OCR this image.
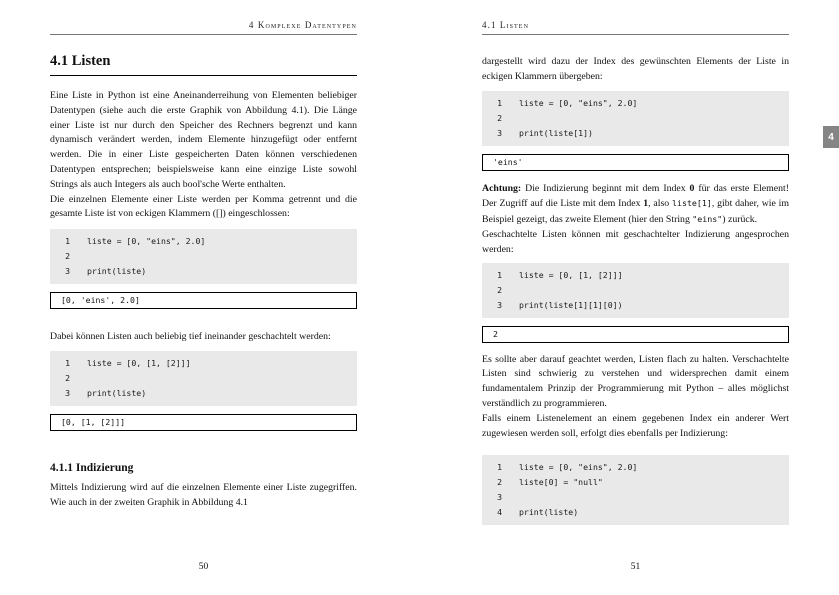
4 Komplexe Datentypen
4.1 Listen

Eine Liste in Python ist eine Aneinanderreihung von Elementen beliebiger Datentypen (siehe auch die erste Graphik von Abbildung 4.1). Die Länge einer Liste ist nur durch den Speicher des Rechners begrenzt und kann dynamisch verändert werden, indem Elemente hinzugefügt oder entfernt werden. Die in einer Liste gespeicherten Daten können verschiedenen Datentypen entsprechen; beispielsweise kann eine einzige Liste sowohl Strings als auch Integers als auch bool'sche Werte enthalten.

Die einzelnen Elemente einer Liste werden per Komma getrennt und die gesamte Liste ist von eckigen Klammern ([]) eingeschlossen:

1 liste = [0, "eins", 2.0]
2
3 print(liste)
[0, 'eins', 2.0]

Dabei können Listen auch beliebig tief ineinander geschachtelt werden:

1 liste = [0, [1, [2]]]
2
3 print(liste)
[0, [1, [2]]]
4.1.1 Indizierung

Mittels Indizierung wird auf die einzelnen Elemente einer Liste zugegriffen. Wie auch in der zweiten Graphik in Abbildung 4.1

50
4.1 Listen

dargestellt wird dazu der Index des gewünschten Elements der Liste in eckigen Klammern übergeben:

1 liste = [0, "eins", 2.0]
2
3 print(liste[1])
'eins'

Achtung: Die Indizierung beginnt mit dem Index 0 für das erste Element! Der Zugriff auf die Liste mit dem Index 1, also liste[1], gibt daher, wie im Beispiel gezeigt, das zweite Element (hier den String "eins") zurück.

Geschachtelte Listen können mit geschachtelter Indizierung angesprochen werden:

1 liste = [0, [1, [2]]]
2
3 print(liste[1][1][0])
2

Es sollte aber darauf geachtet werden, Listen flach zu halten. Verschachtelte Listen sind schwierig zu verstehen und widersprechen damit einem fundamentalem Prinzip der Programmierung mit Python – alles möglichst verständlich zu programmieren.

Falls einem Listenelement an einem gegebenen Index ein anderer Wert zugewiesen werden soll, erfolgt dies ebenfalls per Indizierung:

1 liste = [0, "eins", 2.0]
2 liste[0] = "null"
3
4 print(liste)
51
4
